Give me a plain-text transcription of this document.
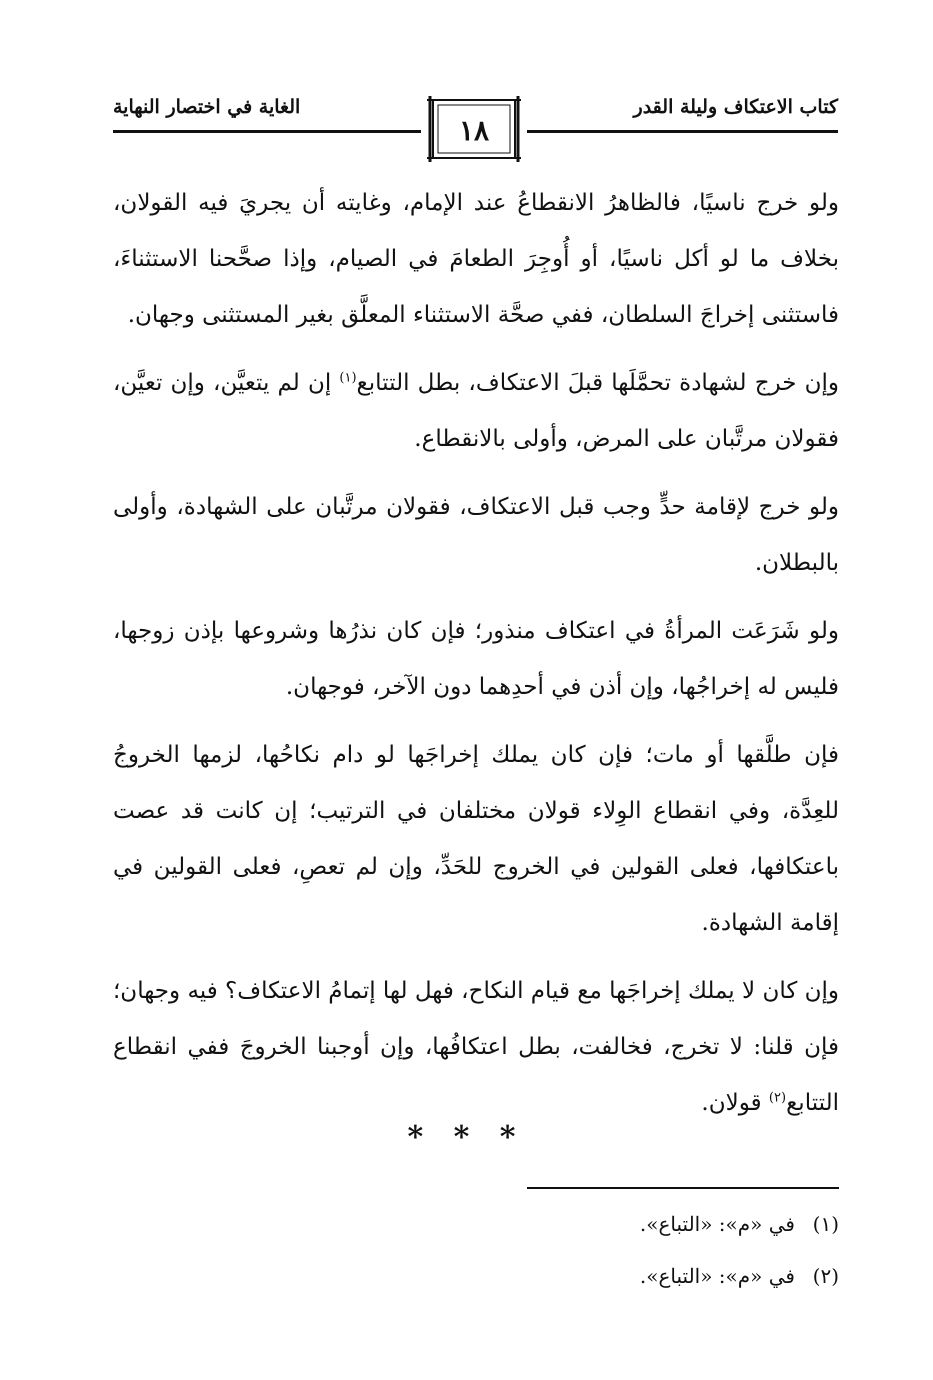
كتاب الاعتكاف وليلة القدر
الغاية في اختصار النهاية
١٨

ولو خرج ناسيًا، فالظاهرُ الانقطاعُ عند الإمام، وغايته أن يجريَ فيه القولان، بخلاف ما لو أكل ناسيًا، أو أُوجِرَ الطعامَ في الصيام، وإذا صحَّحنا الاستثناءَ، فاستثنى إخراجَ السلطان، ففي صحَّة الاستثناء المعلَّق بغير المستثنى وجهان.

وإن خرج لشهادة تحمَّلَها قبلَ الاعتكاف، بطل التتابع$^{(١)}$ إن لم يتعيَّن، وإن تعيَّن، فقولان مرتَّبان على المرض، وأولى بالانقطاع.

ولو خرج لإقامة حدٍّ وجب قبل الاعتكاف، فقولان مرتَّبان على الشهادة، وأولى بالبطلان.

ولو شَرَعَت المرأةُ في اعتكاف منذور؛ فإن كان نذرُها وشروعها بإذن زوجها، فليس له إخراجُها، وإن أذن في أحدِهما دون الآخر، فوجهان.

فإن طلَّقها أو مات؛ فإن كان يملك إخراجَها لو دام نكاحُها، لزمها الخروجُ للعِدَّة، وفي انقطاع الوِلاء قولان مختلفان في الترتيب؛ إن كانت قد عصت باعتكافها، فعلى القولين في الخروج للحَدِّ، وإن لم تعصِ، فعلى القولين في إقامة الشهادة.

وإن كان لا يملك إخراجَها مع قيام النكاح، فهل لها إتمامُ الاعتكاف؟ فيه وجهان؛ فإن قلنا: لا تخرج، فخالفت، بطل اعتكافُها، وإن أوجبنا الخروجَ ففي انقطاع التتابع$^{(٢)}$ قولان.

* * *
(١)في «م»: «التباع».
(٢)في «م»: «التباع».
